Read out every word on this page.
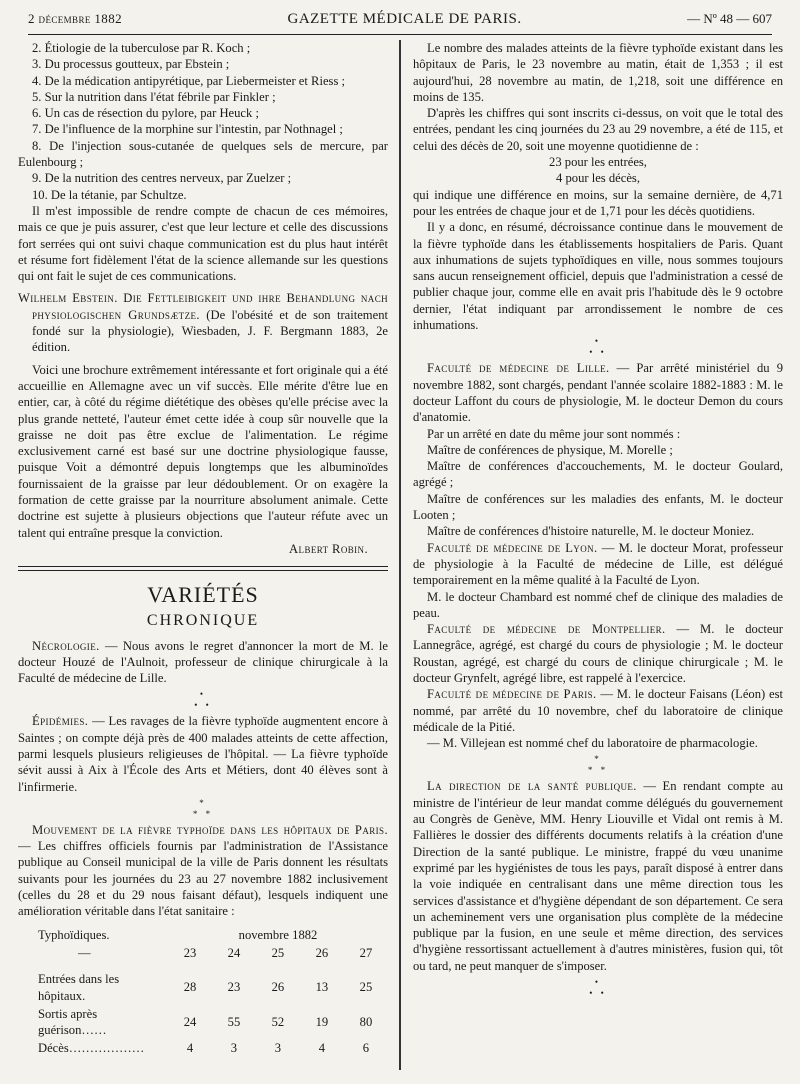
2 décembre 1882	GAZETTE MÉDICALE DE PARIS.	— Nº 48 — 607

2. Étiologie de la tuberculose par R. Koch ;

3. Du processus goutteux, par Ebstein ;

4. De la médication antipyrétique, par Liebermeister et Riess ;

5. Sur la nutrition dans l'état fébrile par Finkler ;

6. Un cas de résection du pylore, par Heuck ;

7. De l'influence de la morphine sur l'intestin, par Nothnagel ;

8. De l'injection sous-cutanée de quelques sels de mercure, par Eulenbourg ;

9. De la nutrition des centres nerveux, par Zuelzer ;

10. De la tétanie, par Schultze.

Il m'est impossible de rendre compte de chacun de ces mémoires, mais ce que je puis assurer, c'est que leur lecture et celle des discussions fort serrées qui ont suivi chaque communication est du plus haut intérêt et résume fort fidèlement l'état de la science allemande sur les questions qui ont fait le sujet de ces communications.

Wilhelm Ebstein. Die Fettleibigkeit und ihre Behandlung nach physiologischen Grundsætze. (De l'obésité et de son traitement fondé sur la physiologie), Wiesbaden, J. F. Bergmann 1883, 2e édition.

Voici une brochure extrêmement intéressante et fort originale qui a été accueillie en Allemagne avec un vif succès. Elle mérite d'être lue en entier, car, à côté du régime diététique des obèses qu'elle précise avec la plus grande netteté, l'auteur émet cette idée à coup sûr nouvelle que la graisse ne doit pas être exclue de l'alimentation. Le régime exclusivement carné est basé sur une doctrine physiologique fausse, puisque Voit a démontré depuis longtemps que les albuminoïdes fournissaient de la graisse par leur dédoublement. Or on exagère la formation de cette graisse par la nourriture absolument animale. Cette doctrine est sujette à plusieurs objections que l'auteur réfute avec un talent qui entraîne presque la conviction.

Albert Robin.

VARIÉTÉS
CHRONIQUE

Nécrologie. — Nous avons le regret d'annoncer la mort de M. le docteur Houzé de l'Aulnoit, professeur de clinique chirurgicale à la Faculté de médecine de Lille.

•
• •

Épidémies. — Les ravages de la fièvre typhoïde augmentent encore à Saintes ; on compte déjà près de 400 malades atteints de cette affection, parmi lesquels plusieurs religieuses de l'hôpital. — La fièvre typhoïde sévit aussi à Aix à l'École des Arts et Métiers, dont 40 élèves sont à l'infirmerie.

*
* *

Mouvement de la fièvre typhoïde dans les hôpitaux de Paris. — Les chiffres officiels fournis par l'administration de l'Assistance publique au Conseil municipal de la ville de Paris donnent les résultats suivants pour les journées du 23 au 27 novembre 1882 inclusivement (celles du 28 et du 29 nous faisant défaut), lesquels indiquent une amélioration véritable dans l'état sanitaire :

Typhoïdiques.	novembre 1882				
—	23	24	25	26	27

Entrées dans les hôpitaux.	28	23	26	13	25
Sortis après guérison……	24	55	52	19	80
Décès………………	4	3	3	4	6

Le nombre des malades atteints de la fièvre typhoïde existant dans les hôpitaux de Paris, le 23 novembre au matin, était de 1,353 ; il est aujourd'hui, 28 novembre au matin, de 1,218, soit une différence en moins de 135.

D'après les chiffres qui sont inscrits ci-dessus, on voit que le total des entrées, pendant les cinq journées du 23 au 29 novembre, a été de 115, et celui des décès de 20, soit une moyenne quotidienne de :

23 pour les entrées,

4 pour les décès,

qui indique une différence en moins, sur la semaine dernière, de 4,71 pour les entrées de chaque jour et de 1,71 pour les décès quotidiens.

Il y a donc, en résumé, décroissance continue dans le mouvement de la fièvre typhoïde dans les établissements hospitaliers de Paris. Quant aux inhumations de sujets typhoïdiques en ville, nous sommes toujours sans aucun renseignement officiel, depuis que l'administration a cessé de publier chaque jour, comme elle en avait pris l'habitude dès le 9 octobre dernier, l'état indiquant par arrondissement le nombre de ces inhumations.

•
• •

Faculté de médecine de Lille. — Par arrêté ministériel du 9 novembre 1882, sont chargés, pendant l'année scolaire 1882-1883 : M. le docteur Laffont du cours de physiologie, M. le docteur Demon du cours d'anatomie.

Par un arrêté en date du même jour sont nommés :

Maître de conférences de physique, M. Morelle ;

Maître de conférences d'accouchements, M. le docteur Goulard, agrégé ;

Maître de conférences sur les maladies des enfants, M. le docteur Looten ;

Maître de conférences d'histoire naturelle, M. le docteur Moniez.

Faculté de médecine de Lyon. — M. le docteur Morat, professeur de physiologie à la Faculté de médecine de Lille, est délégué temporairement en la même qualité à la Faculté de Lyon.

M. le docteur Chambard est nommé chef de clinique des maladies de peau.

Faculté de médecine de Montpellier. — M. le docteur Lannegrâce, agrégé, est chargé du cours de physiologie ; M. le docteur Roustan, agrégé, est chargé du cours de clinique chirurgicale ; M. le docteur Grynfelt, agrégé libre, est rappelé à l'exercice.

Faculté de médecine de Paris. — M. le docteur Faisans (Léon) est nommé, par arrêté du 10 novembre, chef du laboratoire de clinique médicale de la Pitié.

— M. Villejean est nommé chef du laboratoire de pharmacologie.

*
* *

La direction de la santé publique. — En rendant compte au ministre de l'intérieur de leur mandat comme délégués du gouvernement au Congrès de Genève, MM. Henry Liouville et Vidal ont remis à M. Fallières le dossier des différents documents relatifs à la création d'une Direction de la santé publique. Le ministre, frappé du vœu unanime exprimé par les hygiénistes de tous les pays, paraît disposé à entrer dans la voie indiquée en centralisant dans une même direction tous les services d'assistance et d'hygiène dépendant de son département. Ce sera un acheminement vers une organisation plus complète de la médecine publique par la fusion, en une seule et même direction, des services d'hygiène ressortissant actuellement à d'autres ministères, fusion qui, tôt ou tard, ne peut manquer de s'imposer.

•
• •
